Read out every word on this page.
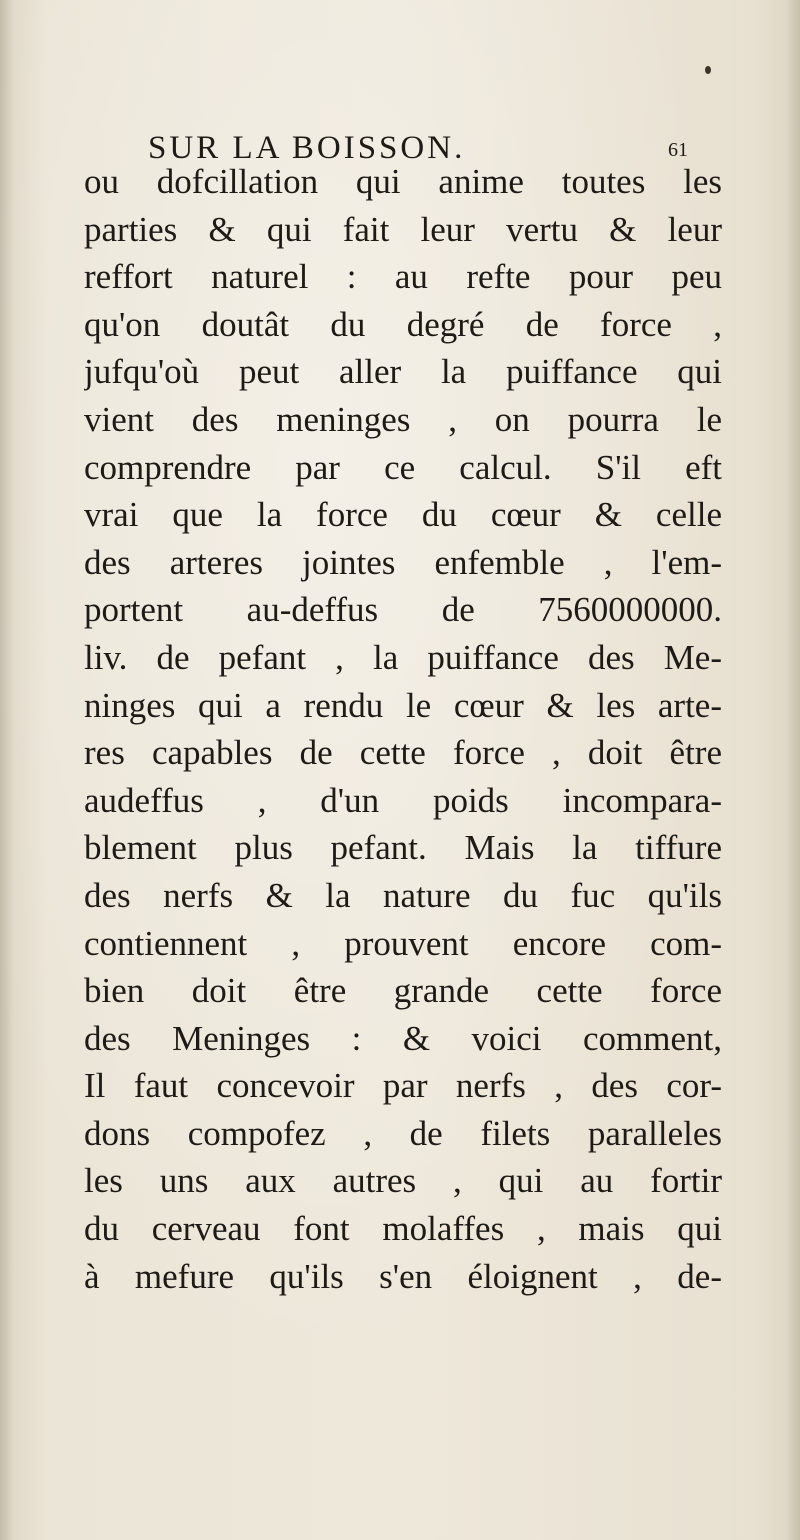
SUR LA BOISSON.	61
ou dofcillation qui anime toutes les
parties & qui fait leur vertu & leur
reffort naturel : au refte pour peu
qu'on doutât du degré de force ,
jufqu'où peut aller la puiffance qui
vient des meninges , on pourra le
comprendre par ce calcul. S'il eft
vrai que la force du cœur & celle
des arteres jointes enfemble , l'em-
portent au-deffus de 7560000000.
liv. de pefant , la puiffance des Me-
ninges qui a rendu le cœur & les arte-
res capables de cette force , doit être
audeffus , d'un poids incompara-
blement plus pefant. Mais la tiffure
des nerfs & la nature du fuc qu'ils
contiennent , prouvent encore com-
bien doit être grande cette force
des Meninges : & voici comment,
Il faut concevoir par nerfs , des cor-
dons compofez , de filets paralleles
les uns aux autres , qui au fortir
du cerveau font molaffes , mais qui
à mefure qu'ils s'en éloignent , de-
